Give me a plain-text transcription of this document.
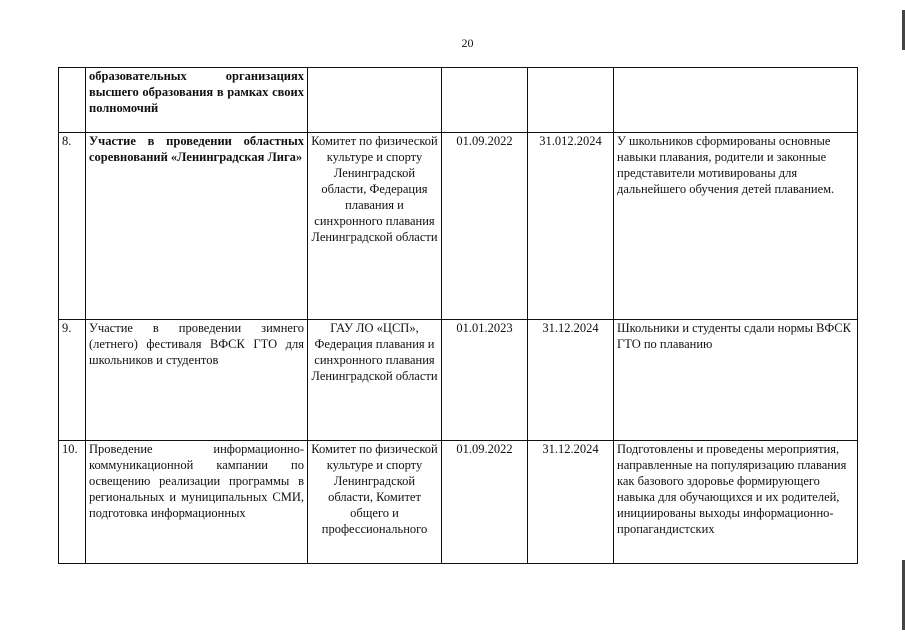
20
	образовательных организациях высшего образования в рамках своих полномочий				
8.	Участие в проведении областных соревнований «Ленинградская Лига»	Комитет по физической культуре и спорту Ленинградской области, Федерация плавания и синхронного плавания Ленинградской области	01.09.2022	31.012.2024	У школьников сформированы основные навыки плавания, родители и законные представители мотивированы для дальнейшего обучения детей плаванием.
9.	Участие в проведении зимнего (летнего) фестиваля ВФСК ГТО для школьников и студентов	ГАУ ЛО «ЦСП», Федерация плавания и синхронного плавания Ленинградской области	01.01.2023	31.12.2024	Школьники и студенты сдали нормы ВФСК ГТО по плаванию
10.	Проведение информационно-коммуникационной кампании по освещению реализации программы в региональных и муниципальных СМИ, подготовка информационных	Комитет по физической культуре и спорту Ленинградской области, Комитет общего и профессионального	01.09.2022	31.12.2024	Подготовлены и проведены мероприятия, направленные на популяризацию плавания как базового здоровье формирующего навыка для обучающихся и их родителей, инициированы выходы информационно-пропагандистских
